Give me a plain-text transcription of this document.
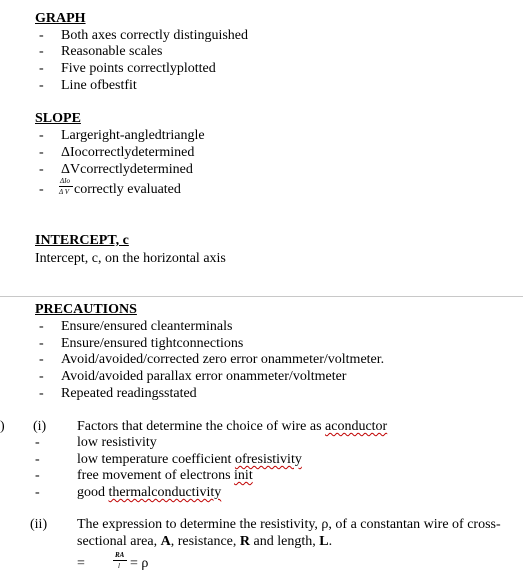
GRAPH
- Both axes correctly distinguished
- Reasonable scales
- Five points correctlyplotted
- Line ofbestfit
SLOPE
- Largeright-angledtriangle
- ΔIocorrectlydetermined
- ΔVcorrectlydetermined
-
ΔIo
Δ V correctly evaluated
INTERCEPT, c
Intercept, c, on the horizontal axis
PRECAUTIONS
- Ensure/ensured cleanterminals
- Ensure/ensured tightconnections
- Avoid/avoided/corrected zero error onammeter/voltmeter.
- Avoid/avoided parallax error onammeter/voltmeter
- Repeated readingsstated
) (i) Factors that determine the choice of wire as aconductor
-	low resistivity
-	low temperature coefficient ofresistivity
-	free movement of electrons init
-	good thermalconductivity
(ii) The expression to determine the resistivity, ρ, of a constantan wire of cross-
sectional area, A, resistance, R and length, L.
=
RA
l = ρ
